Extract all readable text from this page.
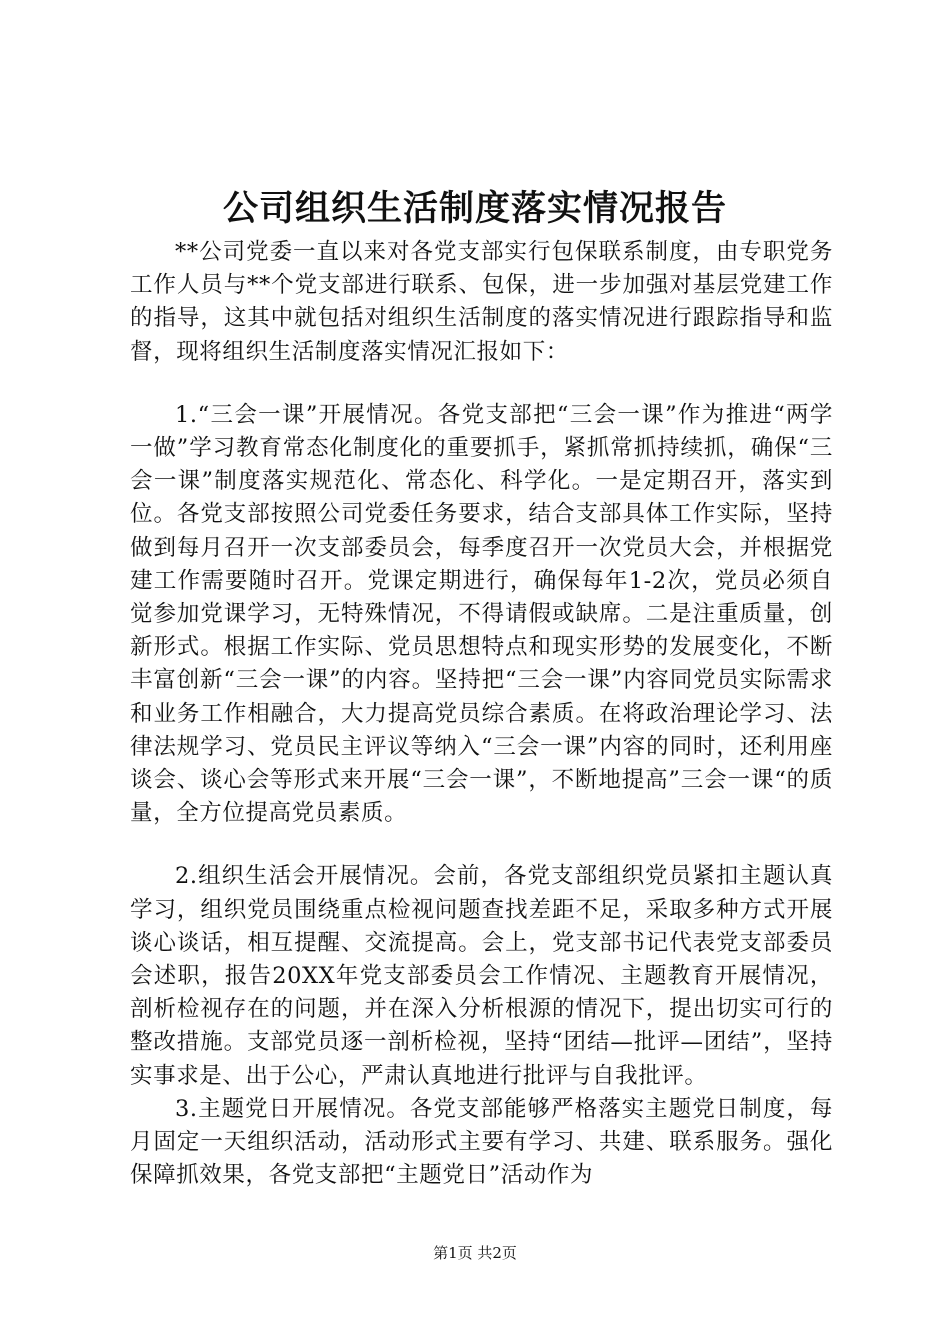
公司组织生活制度落实情况报告

**公司党委一直以来对各党支部实行包保联系制度，由专职党务工作人员与**个党支部进行联系、包保，进一步加强对基层党建工作的指导，这其中就包括对组织生活制度的落实情况进行跟踪指导和监督，现将组织生活制度落实情况汇报如下：

1.“三会一课”开展情况。各党支部把“三会一课”作为推进“两学一做”学习教育常态化制度化的重要抓手，紧抓常抓持续抓，确保“三会一课”制度落实规范化、常态化、科学化。一是定期召开，落实到位。各党支部按照公司党委任务要求，结合支部具体工作实际，坚持做到每月召开一次支部委员会，每季度召开一次党员大会，并根据党建工作需要随时召开。党课定期进行，确保每年1-2次，党员必须自觉参加党课学习，无特殊情况，不得请假或缺席。二是注重质量，创新形式。根据工作实际、党员思想特点和现实形势的发展变化，不断丰富创新“三会一课”的内容。坚持把“三会一课”内容同党员实际需求和业务工作相融合，大力提高党员综合素质。在将政治理论学习、法律法规学习、党员民主评议等纳入“三会一课”内容的同时，还利用座谈会、谈心会等形式来开展“三会一课”，不断地提高”三会一课“的质量，全方位提高党员素质。

2.组织生活会开展情况。会前，各党支部组织党员紧扣主题认真学习，组织党员围绕重点检视问题查找差距不足，采取多种方式开展谈心谈话，相互提醒、交流提高。会上，党支部书记代表党支部委员会述职，报告20XX年党支部委员会工作情况、主题教育开展情况，剖析检视存在的问题，并在深入分析根源的情况下，提出切实可行的整改措施。支部党员逐一剖析检视，坚持“团结—批评—团结”，坚持实事求是、出于公心，严肃认真地进行批评与自我批评。

3.主题党日开展情况。各党支部能够严格落实主题党日制度，每月固定一天组织活动，活动形式主要有学习、共建、联系服务。强化保障抓效果，各党支部把“主题党日”活动作为

第1页 共2页
